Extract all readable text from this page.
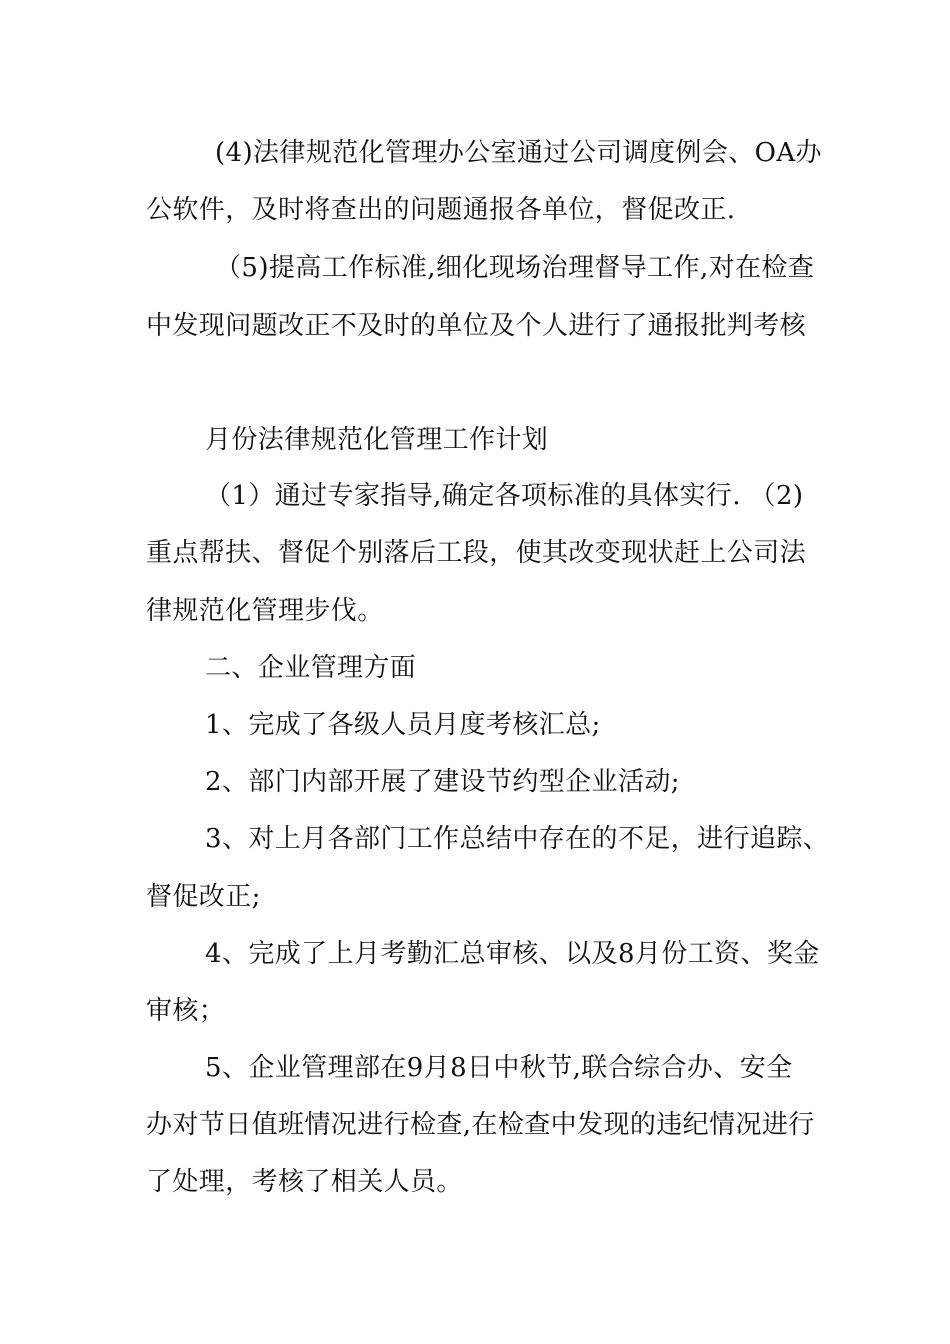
(4)法律规范化管理办公室通过公司调度例会、OA办
公软件，及时将查出的问题通报各单位，督促改正.
（5)提高工作标准,细化现场治理督导工作,对在检查
中发现问题改正不及时的单位及个人进行了通报批判考核
月份法律规范化管理工作计划
（1）通过专家指导,确定各项标准的具体实行. （2)
重点帮扶、督促个别落后工段，使其改变现状赶上公司法
律规范化管理步伐。
二、企业管理方面
1、完成了各级人员月度考核汇总;
2、部门内部开展了建设节约型企业活动;
3、对上月各部门工作总结中存在的不足，进行追踪、
督促改正;
4、完成了上月考勤汇总审核、以及8月份工资、奖金
审核；
5、企业管理部在9月8日中秋节,联合综合办、安全
办对节日值班情况进行检查,在检查中发现的违纪情况进行
了处理，考核了相关人员。
